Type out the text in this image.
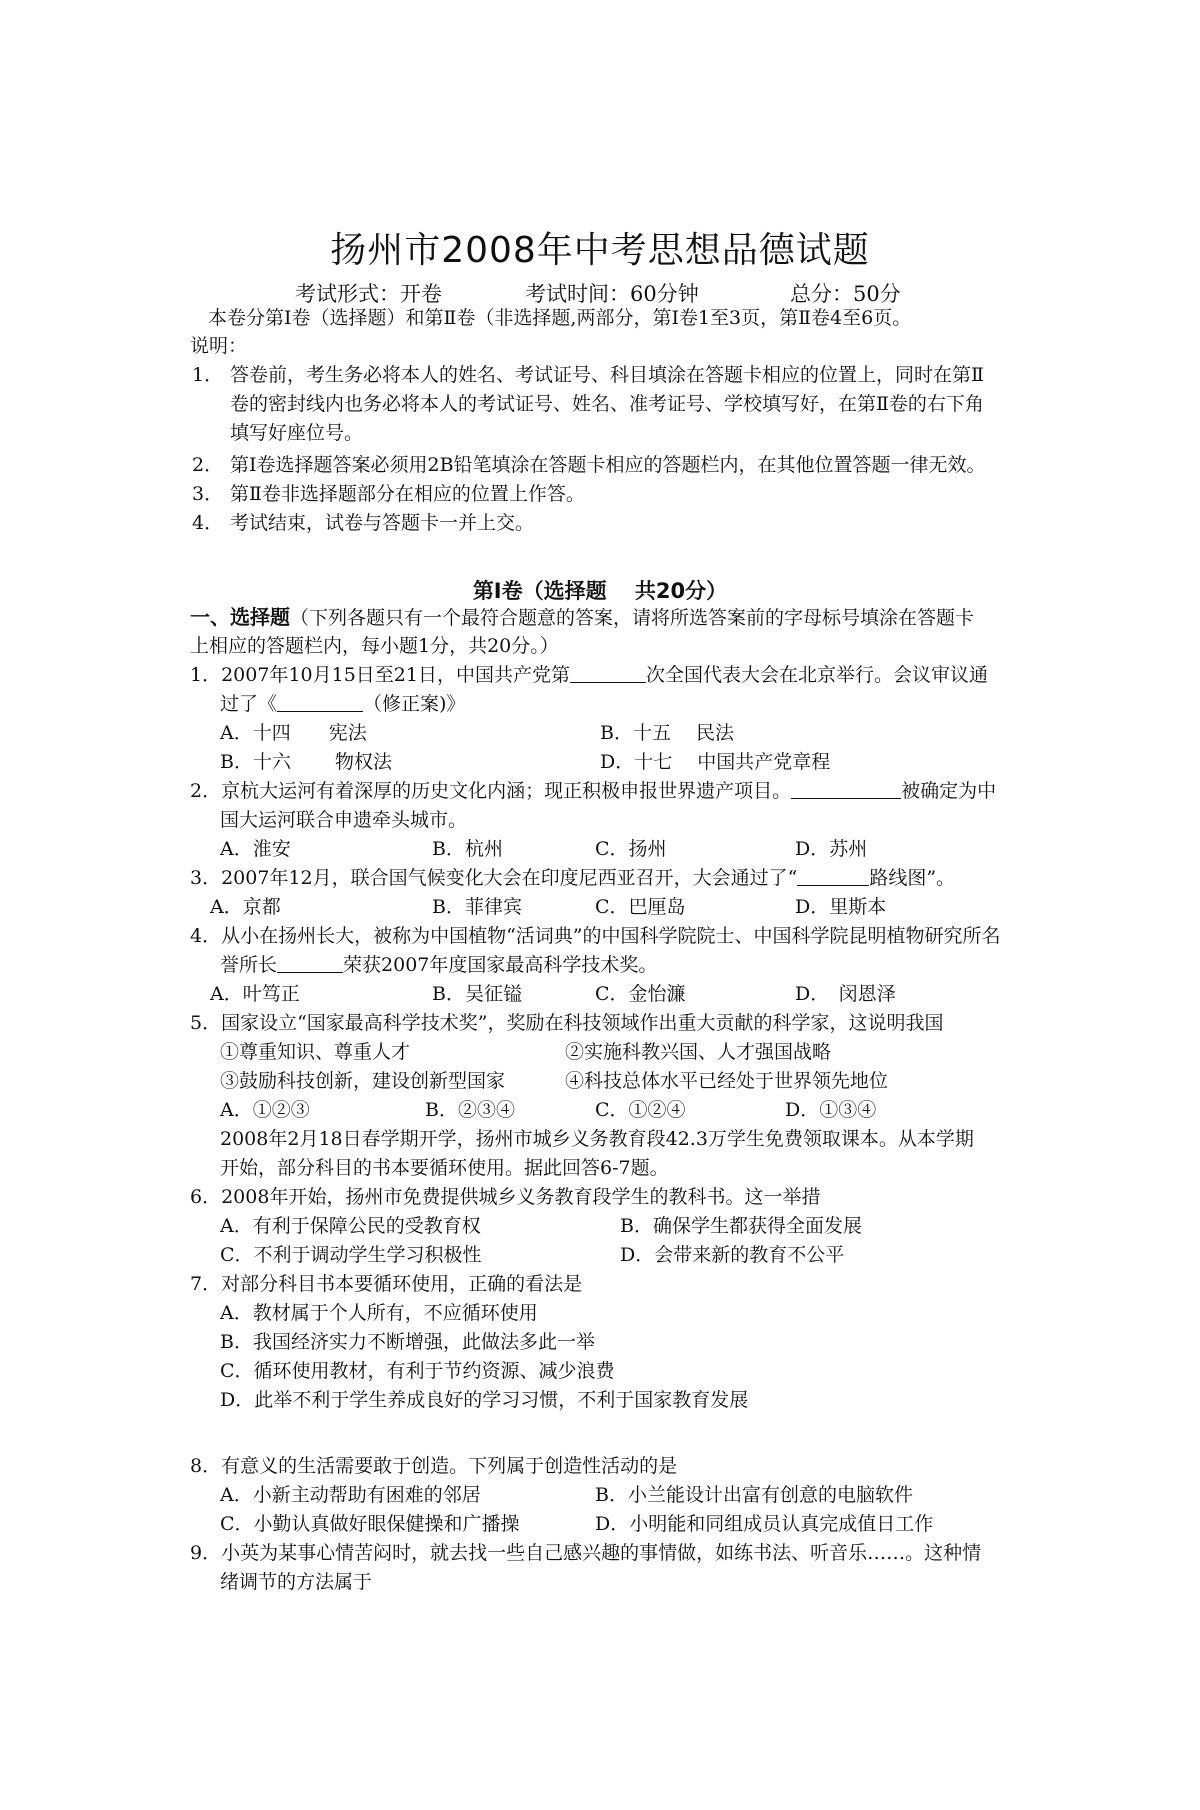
扬州市2008年中考思想品德试题
考试形式：开卷	考试时间：60分钟	总分：50分
本卷分第Ⅰ卷（选择题）和第Ⅱ卷（非选择题,两部分，第Ⅰ卷1至3页，第Ⅱ卷4至6页。
说明：
1． 答卷前，考生务必将本人的姓名、考试证号、科目填涂在答题卡相应的位置上，同时在第Ⅱ
卷的密封线内也务必将本人的考试证号、姓名、准考证号、学校填写好，在第Ⅱ卷的右下角
填写好座位号。
2． 第Ⅰ卷选择题答案必须用2B铅笔填涂在答题卡相应的答题栏内，在其他位置答题一律无效。
3． 第Ⅱ卷非选择题部分在相应的位置上作答。
4． 考试结束，试卷与答题卡一并上交。
第Ⅰ卷（选择题　 共20分）
一、选择题（下列各题只有一个最符合题意的答案，请将所选答案前的字母标号填涂在答题卡
上相应的答题栏内，每小题1分，共20分。）
1．2007年10月15日至21日，中国共产党第	次全国代表大会在北京举行。会议审议通
过了《	（修正案)》
A．十四　　宪法	B．十五　 民法
B．十六　　 物权法	D．十七　 中国共产党章程
2．京杭大运河有着深厚的历史文化内涵；现正积极申报世界遗产项目。	被确定为中
国大运河联合申遗牵头城市。
A．淮安	B．杭州	C．扬州	D．苏州
3．2007年12月，联合国气候变化大会在印度尼西亚召开，大会通过了“	路线图”。
A．京都	B．菲律宾	C．巴厘岛	D．里斯本
4．从小在扬州长大，被称为中国植物“活词典”的中国科学院院士、中国科学院昆明植物研究所名
誉所长	荣获2007年度国家最高科学技术奖。
A．叶笃正	B．吴征镒	C．金怡濂	D．　闵恩泽
5．国家设立“国家最高科学技术奖”，奖励在科技领域作出重大贡献的科学家，这说明我国
①尊重知识、尊重人才	②实施科教兴国、人才强国战略
③鼓励科技创新，建设创新型国家	④科技总体水平已经处于世界领先地位
A．①②③	B．②③④	C．①②④	D．①③④
2008年2月18日春学期开学，扬州市城乡义务教育段42.3万学生免费领取课本。从本学期
开始，部分科目的书本要循环使用。据此回答6-7题。
6．2008年开始，扬州市免费提供城乡义务教育段学生的教科书。这一举措
A．有利于保障公民的受教育权	B．确保学生都获得全面发展
C．不利于调动学生学习积极性	D．会带来新的教育不公平
7．对部分科目书本要循环使用，正确的看法是
A．教材属于个人所有，不应循环使用
B．我国经济实力不断增强，此做法多此一举
C．循环使用教材，有利于节约资源、减少浪费
D．此举不利于学生养成良好的学习习惯，不利于国家教育发展
8．有意义的生活需要敢于创造。下列属于创造性活动的是
A．小新主动帮助有困难的邻居	B．小兰能设计出富有创意的电脑软件
C．小勤认真做好眼保健操和广播操	D．小明能和同组成员认真完成值日工作
9．小英为某事心情苦闷时，就去找一些自己感兴趣的事情做，如练书法、听音乐……。这种情
绪调节的方法属于
